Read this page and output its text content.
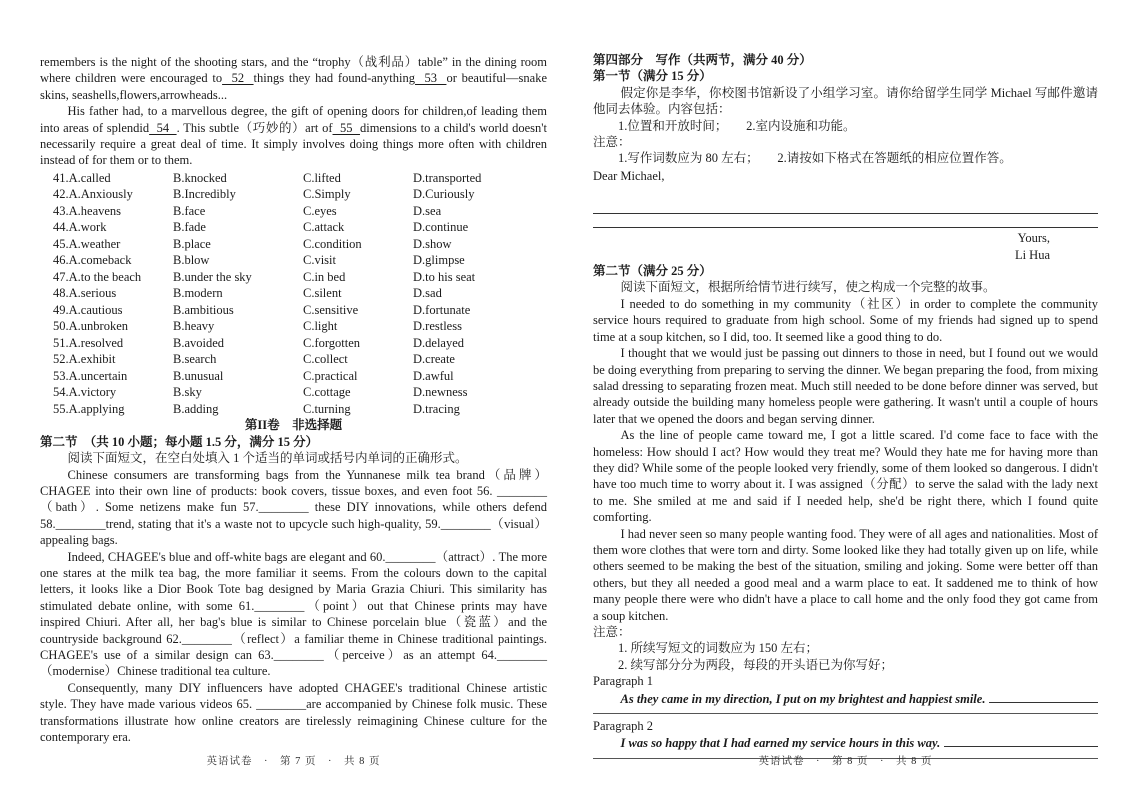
remembers is the night of the shooting stars, and the “trophy（战利品）table” in the dining room where children were encouraged to  52  things they had found-anything  53  or beautiful—snake skins, seashells,flowers,arrowheads...

His father had, to a marvellous degree, the gift of opening doors for children,of leading them into areas of splendid  54  . This subtle（巧妙的）art of  55  dimensions to a child's world doesn't necessarily require a great deal of time. It simply involves doing things more often with children instead of for them or to them.

41.A.called	B.knocked	C.lifted	D.transported
42.A.Anxiously	B.Incredibly	C.Simply	D.Curiously
43.A.heavens	B.face	C.eyes	D.sea
44.A.work	B.fade	C.attack	D.continue
45.A.weather	B.place	C.condition	D.show
46.A.comeback	B.blow	C.visit	D.glimpse
47.A.to the beach	B.under the sky	C.in bed	D.to his seat
48.A.serious	B.modern	C.silent	D.sad
49.A.cautious	B.ambitious	C.sensitive	D.fortunate
50.A.unbroken	B.heavy	C.light	D.restless
51.A.resolved	B.avoided	C.forgotten	D.delayed
52.A.exhibit	B.search	C.collect	D.create
53.A.uncertain	B.unusual	C.practical	D.awful
54.A.victory	B.sky	C.cottage	D.newness
55.A.applying	B.adding	C.turning	D.tracing
第II卷　非选择题
第二节　（共 10 小题；每小题 1.5 分，满分 15 分）

阅读下面短文，在空白处填入 1 个适当的单词或括号内单词的正确形式。

Chinese consumers are transforming bags from the Yunnanese milk tea brand（品牌） CHAGEE into their own line of products: book covers, tissue boxes, and even foot 56. ________（bath）. Some netizens make fun 57.________ these DIY innovations, while others defend 58.________trend, stating that it's a waste not to upcycle such high-quality, 59.________（visual）appealing bags.

Indeed, CHAGEE's blue and off-white bags are elegant and 60.________（attract）. The more one stares at the milk tea bag, the more familiar it seems. From the colours down to the capital letters, it looks like a Dior Book Tote bag designed by Maria Grazia Chiuri. This similarity has stimulated debate online, with some 61.________（point）out that Chinese prints may have inspired Chiuri. After all, her bag's blue is similar to Chinese porcelain blue（瓷蓝）and the countryside background 62.________（reflect）a familiar theme in Chinese traditional paintings. CHAGEE's use of a similar design can 63.________（perceive）as an attempt 64.________（modernise）Chinese traditional tea culture.

Consequently, many DIY influencers have adopted CHAGEE's traditional Chinese artistic style. They have made various videos 65. ________are accompanied by Chinese folk music. These transformations illustrate how online creators are tirelessly reimagining Chinese culture for the contemporary era.

英语试卷　·　第 7 页　·　共 8 页
第四部分　写作（共两节，满分 40 分）
第一节（满分 15 分）

假定你是李华，你校图书馆新设了小组学习室。请你给留学生同学 Michael 写邮件邀请他同去体验。内容包括：

1.位置和开放时间；　　2.室内设施和功能。
注意：
1.写作词数应为 80 左右；　　2.请按如下格式在答题纸的相应位置作答。
Dear Michael,
Yours,
Li Hua
第二节（满分 25 分）

阅读下面短文，根据所给情节进行续写，使之构成一个完整的故事。

I needed to do something in my community（社区）in order to complete the community service hours required to graduate from high school. Some of my friends had signed up to spend time at a soup kitchen, so I did, too. It seemed like a good thing to do.

I thought that we would just be passing out dinners to those in need, but I found out we would be doing everything from preparing to serving the dinner. We began preparing the food, from mixing salad dressing to separating frozen meat. Much still needed to be done before dinner was served, but already outside the building many homeless people were gathering. It wasn't until a couple of hours later that we opened the doors and began serving dinner.

As the line of people came toward me, I got a little scared. I'd come face to face with the homeless: How should I act? How would they treat me? Would they hate me for having more than they did? While some of the people looked very friendly, some of them looked so dangerous. I didn't have too much time to worry about it. I was assigned（分配）to serve the salad with the lady next to me. She smiled at me and said if I needed help, she'd be right there, which I found quite comforting.

I had never seen so many people wanting food. They were of all ages and nationalities. Most of them wore clothes that were torn and dirty. Some looked like they had totally given up on life, while others seemed to be making the best of the situation, smiling and joking. Some were better off than others, but they all needed a good meal and a warm place to eat. It saddened me to think of how many people there were who didn't have a place to call home and the only food they got came from a soup kitchen.

注意：
1. 所续写短文的词数应为 150 左右；
2. 续写部分分为两段，每段的开头语已为你写好；
Paragraph 1
As they came in my direction, I put on my brightest and happiest smile.
Paragraph 2
I was so happy that I had earned my service hours in this way.
英语试卷　·　第 8 页　·　共 8 页
